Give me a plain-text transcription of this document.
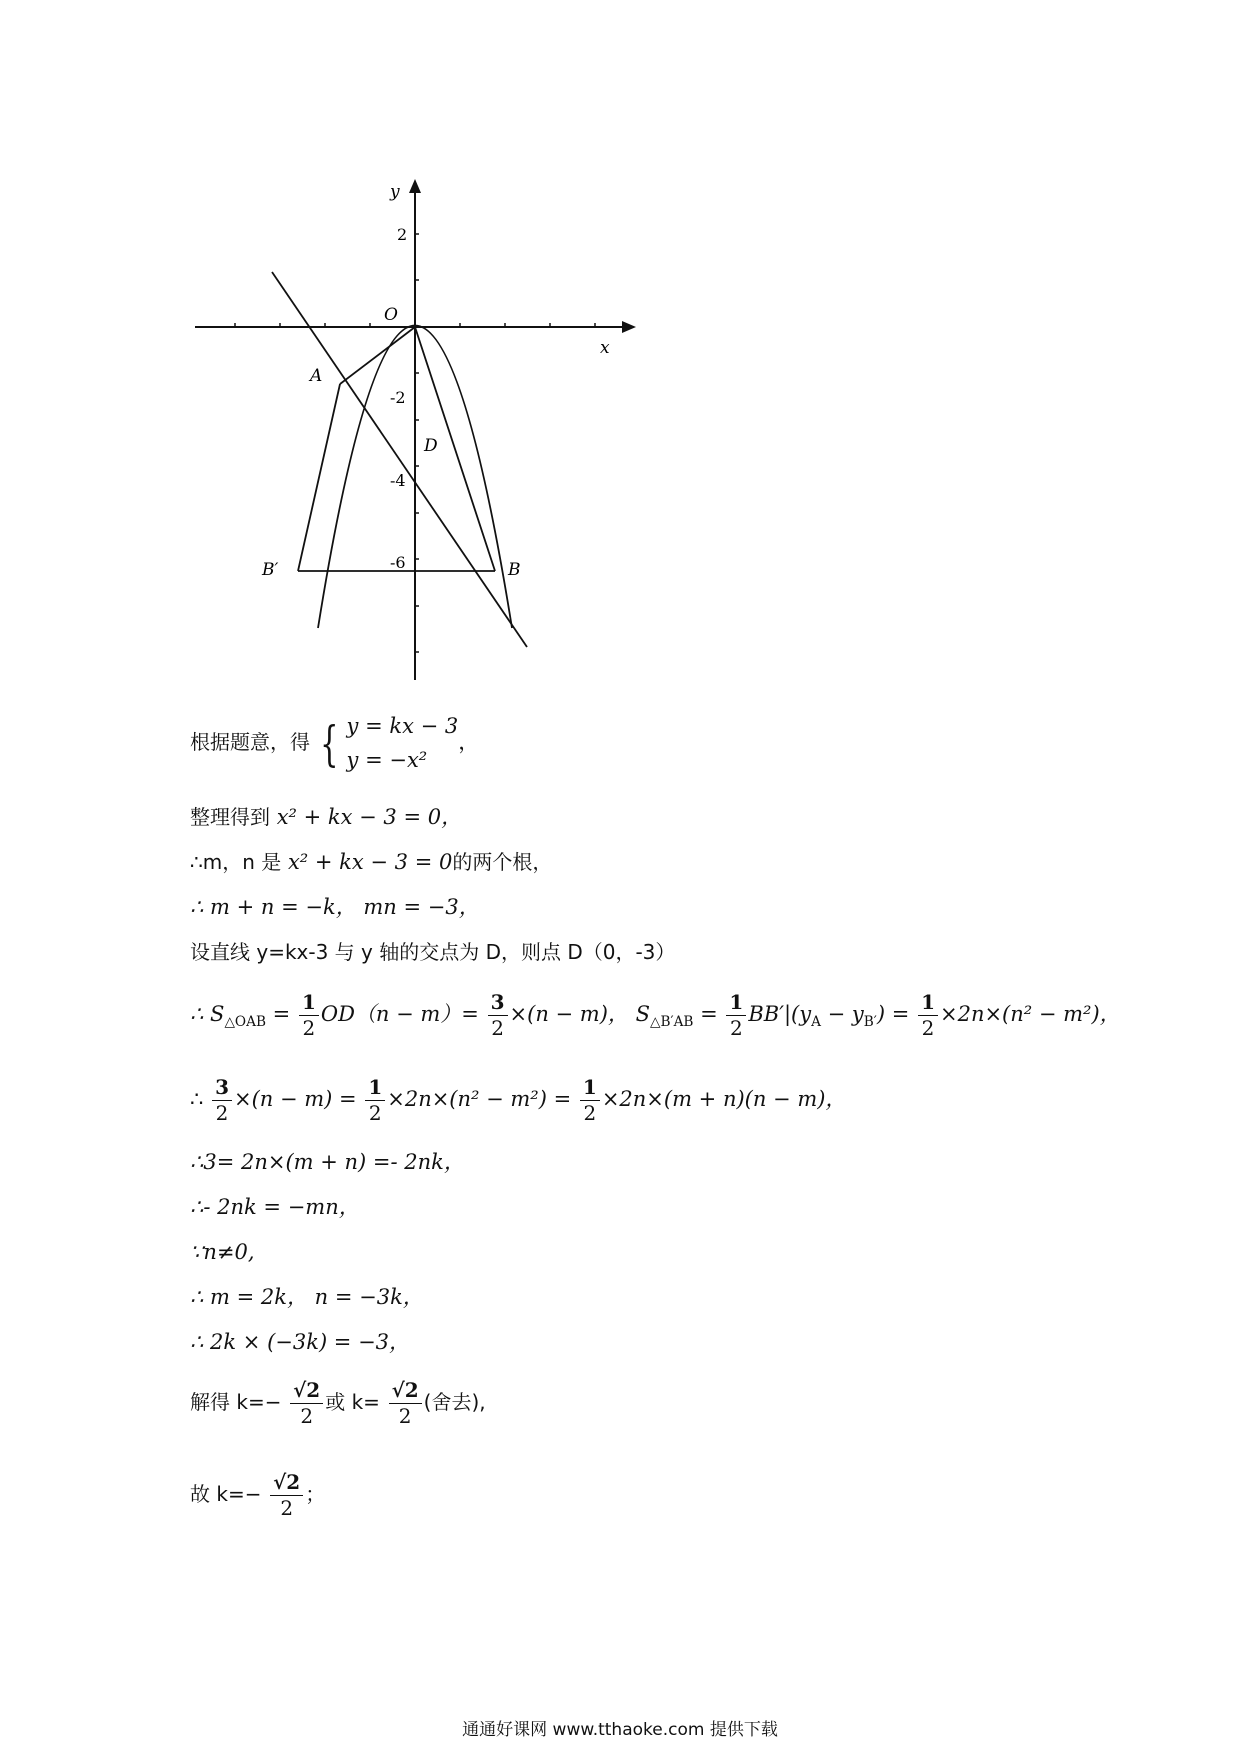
y
x
O
A
D
B
B′
2
-2
-4
-6
根据题意，得 { y = kx − 3
y = −x²
，
整理得到 x² + kx − 3 = 0，
∴m，n 是 x² + kx − 3 = 0的两个根，
∴ m + n = −k， mn = −3，
设直线 y=kx-3 与 y 轴的交点为 D，则点 D（0，-3）
∴ $S_{\triangle OAB} = \frac{1}{2} OD(n - m)= \frac{3}{2} \times(n - m)$， $S_{\triangle B'AB} = \frac{1}{2} BB'|(y_A - y_{B'}) = \frac{1}{2} \times 2n\times(n^2 - m^2)$，
∴ $\frac{3}{2} \times(n - m) = \frac{1}{2} \times 2n\times(n^2 - m^2) = \frac{1}{2} \times 2n\times(m + n)(n - m)$，
∴3= 2n×(m + n) =- 2nk，
∴- 2nk = −mn，
∵n≠0,
∴ m = 2k， n = −3k，
∴ 2k × (−3k) = −3，
解得 $k=- \frac{√2}{2}$ 或 $k= \frac{√2}{2}$ (舍去),
故 $k=- \frac{√2}{2}$ ；
通通好课网 www.tthaoke.com 提供下载
